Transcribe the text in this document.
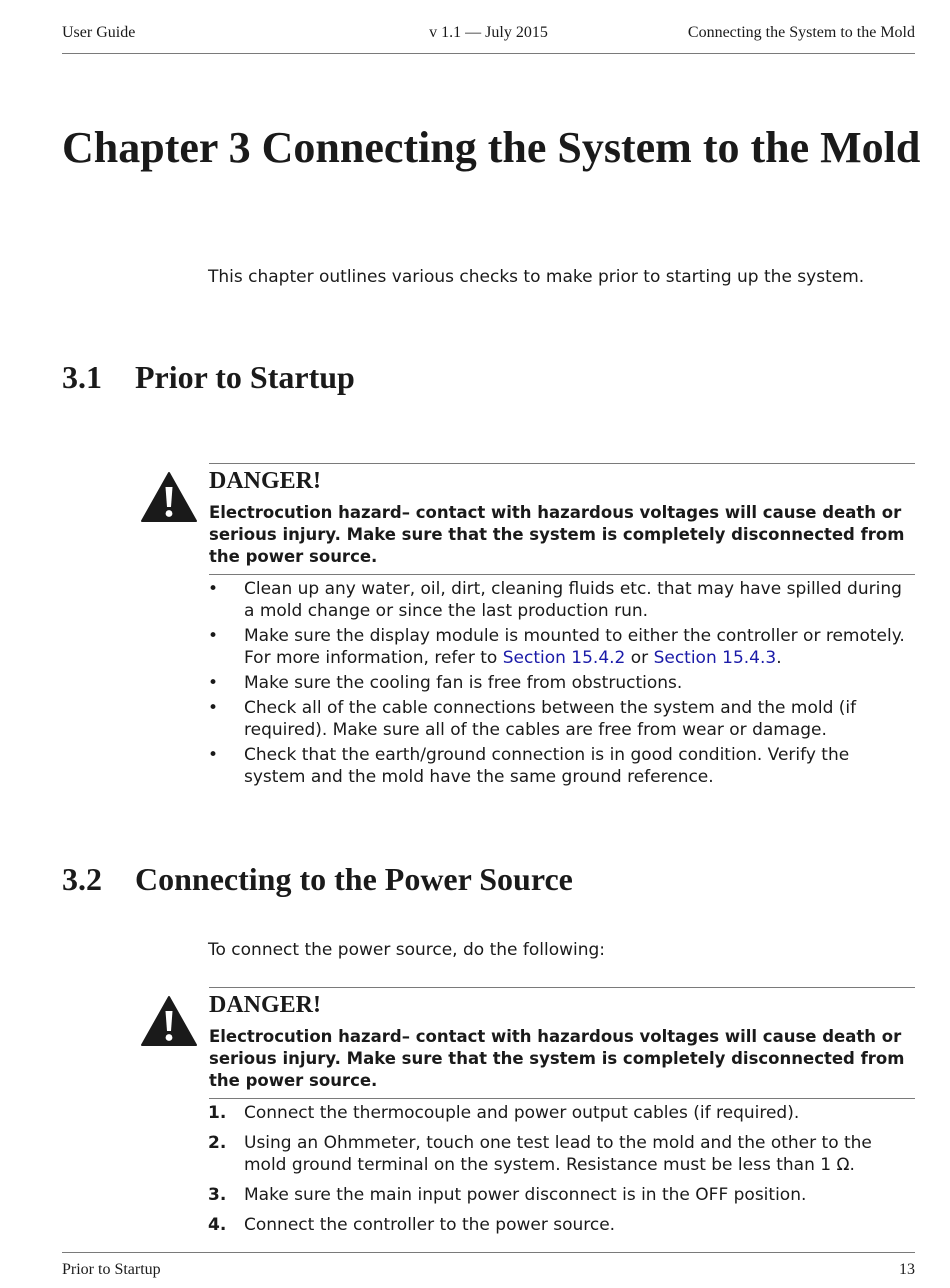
User Guide	v 1.1 — July 2015	Connecting the System to the Mold
Chapter 3 Connecting the System to the Mold

This chapter outlines various checks to make prior to starting up the system.

3.1 Prior to Startup
DANGER!

Electrocution hazard– contact with hazardous voltages will cause death or serious injury. Make sure that the system is completely disconnected from the power source.

• Clean up any water, oil, dirt, cleaning fluids etc. that may have spilled during a mold change or since the last production run.
• Make sure the display module is mounted to either the controller or remotely. For more information, refer to Section 15.4.2 or Section 15.4.3.
• Make sure the cooling fan is free from obstructions.
• Check all of the cable connections between the system and the mold (if required). Make sure all of the cables are free from wear or damage.
• Check that the earth/ground connection is in good condition. Verify the system and the mold have the same ground reference.
3.2 Connecting to the Power Source

To connect the power source, do the following:

DANGER!

Electrocution hazard– contact with hazardous voltages will cause death or serious injury. Make sure that the system is completely disconnected from the power source.

1. Connect the thermocouple and power output cables (if required).
2. Using an Ohmmeter, touch one test lead to the mold and the other to the mold ground terminal on the system. Resistance must be less than 1 Ω.
3. Make sure the main input power disconnect is in the OFF position.
4. Connect the controller to the power source.
Prior to Startup	13
